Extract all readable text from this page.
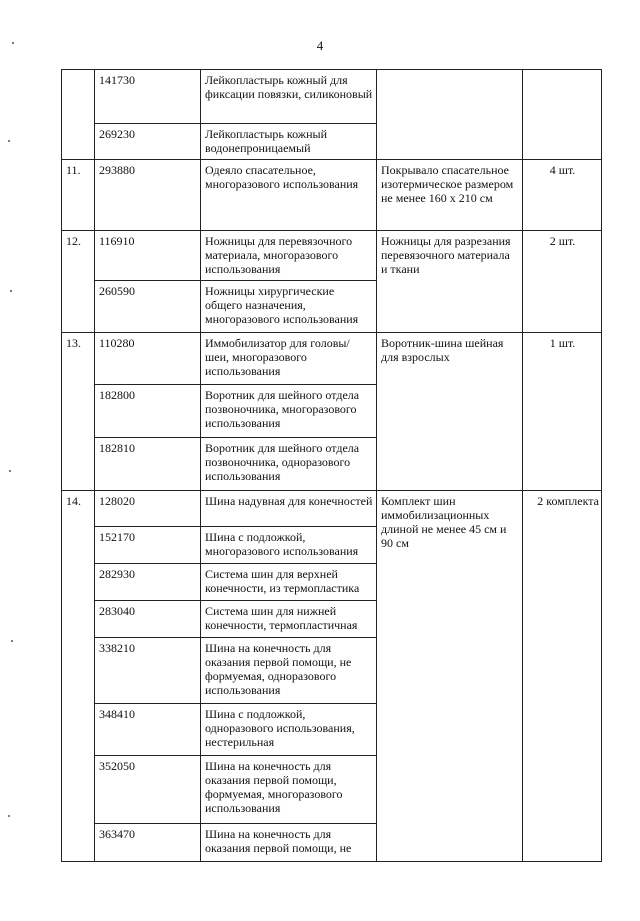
4
	141730	Лейкопластырь кожный для фиксации повязки, силиконовый		
	269230	Лейкопластырь кожный водонепроницаемый		
11.	293880	Одеяло спасательное, многоразового использования	Покрывало спасательное изотермическое размером не менее 160 x 210 см	4 шт.
12.	116910	Ножницы для перевязочного материала, многоразового использования	Ножницы для разрезания перевязочного материала и ткани	2 шт.
	260590	Ножницы хирургические общего назначения, многоразового использования		
13.	110280	Иммобилизатор для головы/шеи, многоразового использования	Воротник-шина шейная для взрослых	1 шт.
	182800	Воротник для шейного отдела позвоночника, многоразового использования		
	182810	Воротник для шейного отдела позвоночника, одноразового использования		
14.	128020	Шина надувная для конечностей	Комплект шин иммобилизационных длиной не менее 45 см и 90 см	2 комплекта
	152170	Шина с подложкой, многоразового использования		
	282930	Система шин для верхней конечности, из термопластика		
	283040	Система шин для нижней конечности, термопластичная		
	338210	Шина на конечность для оказания первой помощи, не формуемая, одноразового использования		
	348410	Шина с подложкой, одноразового использования, нестерильная		
	352050	Шина на конечность для оказания первой помощи, формуемая, многоразового использования		
	363470	Шина на конечность для оказания первой помощи, не		
